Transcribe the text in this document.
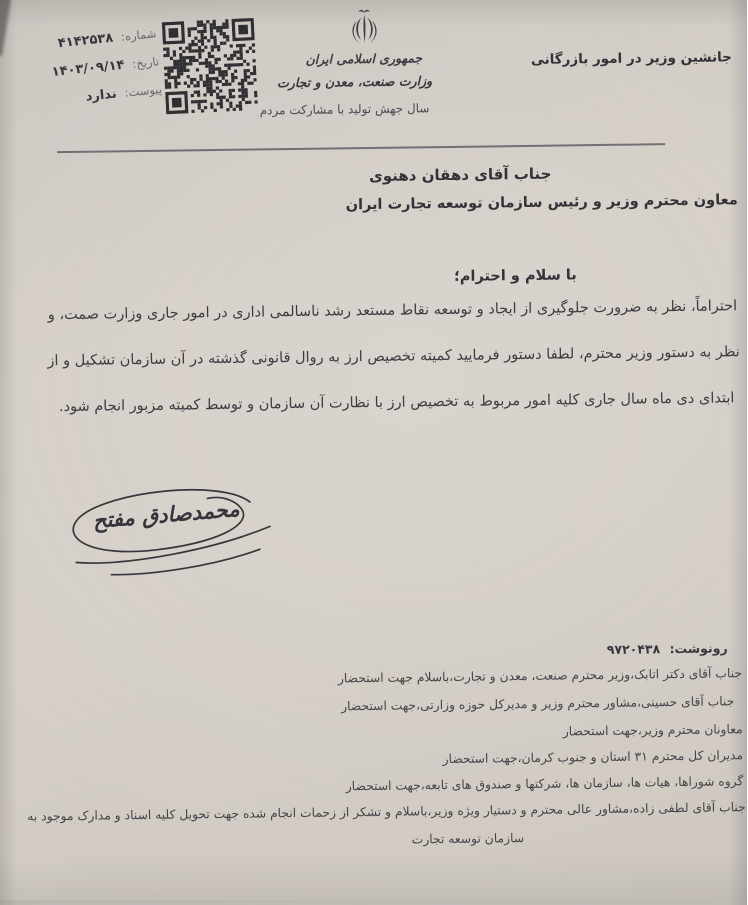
شماره:
۴۱۴۲۵۳۸
تاریخ:
۱۴۰۳/۰۹/۱۴
پیوست:
ندارد
جمهوری اسلامی ایران
وزارت صنعت، معدن و تجارت
سال جهش تولید با مشارکت مردم
جانشین وزیر در امور بازرگانی
جناب آقای دهقان دهنوی
معاون محترم وزیر و رئیس سازمان توسعه تجارت ایران
با سلام و احترام؛
احتراماً، نظر به ضرورت جلوگیری از ایجاد و توسعه نقاط مستعد رشد ناسالمی اداری در امور جاری وزارت صمت، و
نظر به دستور وزیر محترم، لطفا دستور فرمایید کمیته تخصیص ارز به روال قانونی گذشته در آن سازمان تشکیل و از
ابتدای دی ماه سال جاری کلیه امور مربوط به تخصیص ارز با نظارت آن سازمان و توسط کمیته مزبور انجام شود.
محمدصادق مفتح
رونوشت: ۹۷۲۰۴۳۸
جناب آقای دکتر اتابک،وزیر محترم صنعت، معدن و تجارت،باسلام جهت استحضار
جناب آقای حسینی،مشاور محترم وزیر و مدیرکل حوزه وزارتی،جهت استحضار
معاونان محترم وزیر،جهت استحضار
مدیران کل محترم ۳۱ استان و جنوب کرمان،جهت استحضار
گروه شوراها، هیات ها، سازمان ها، شرکتها و صندوق های تابعه،جهت استحضار
جناب آقای لطفی زاده،مشاور عالی محترم و دستیار ویژه وزیر،باسلام و تشکر از زحمات انجام شده جهت تحویل کلیه اسناد و مدارک موجود به
سازمان توسعه تجارت
